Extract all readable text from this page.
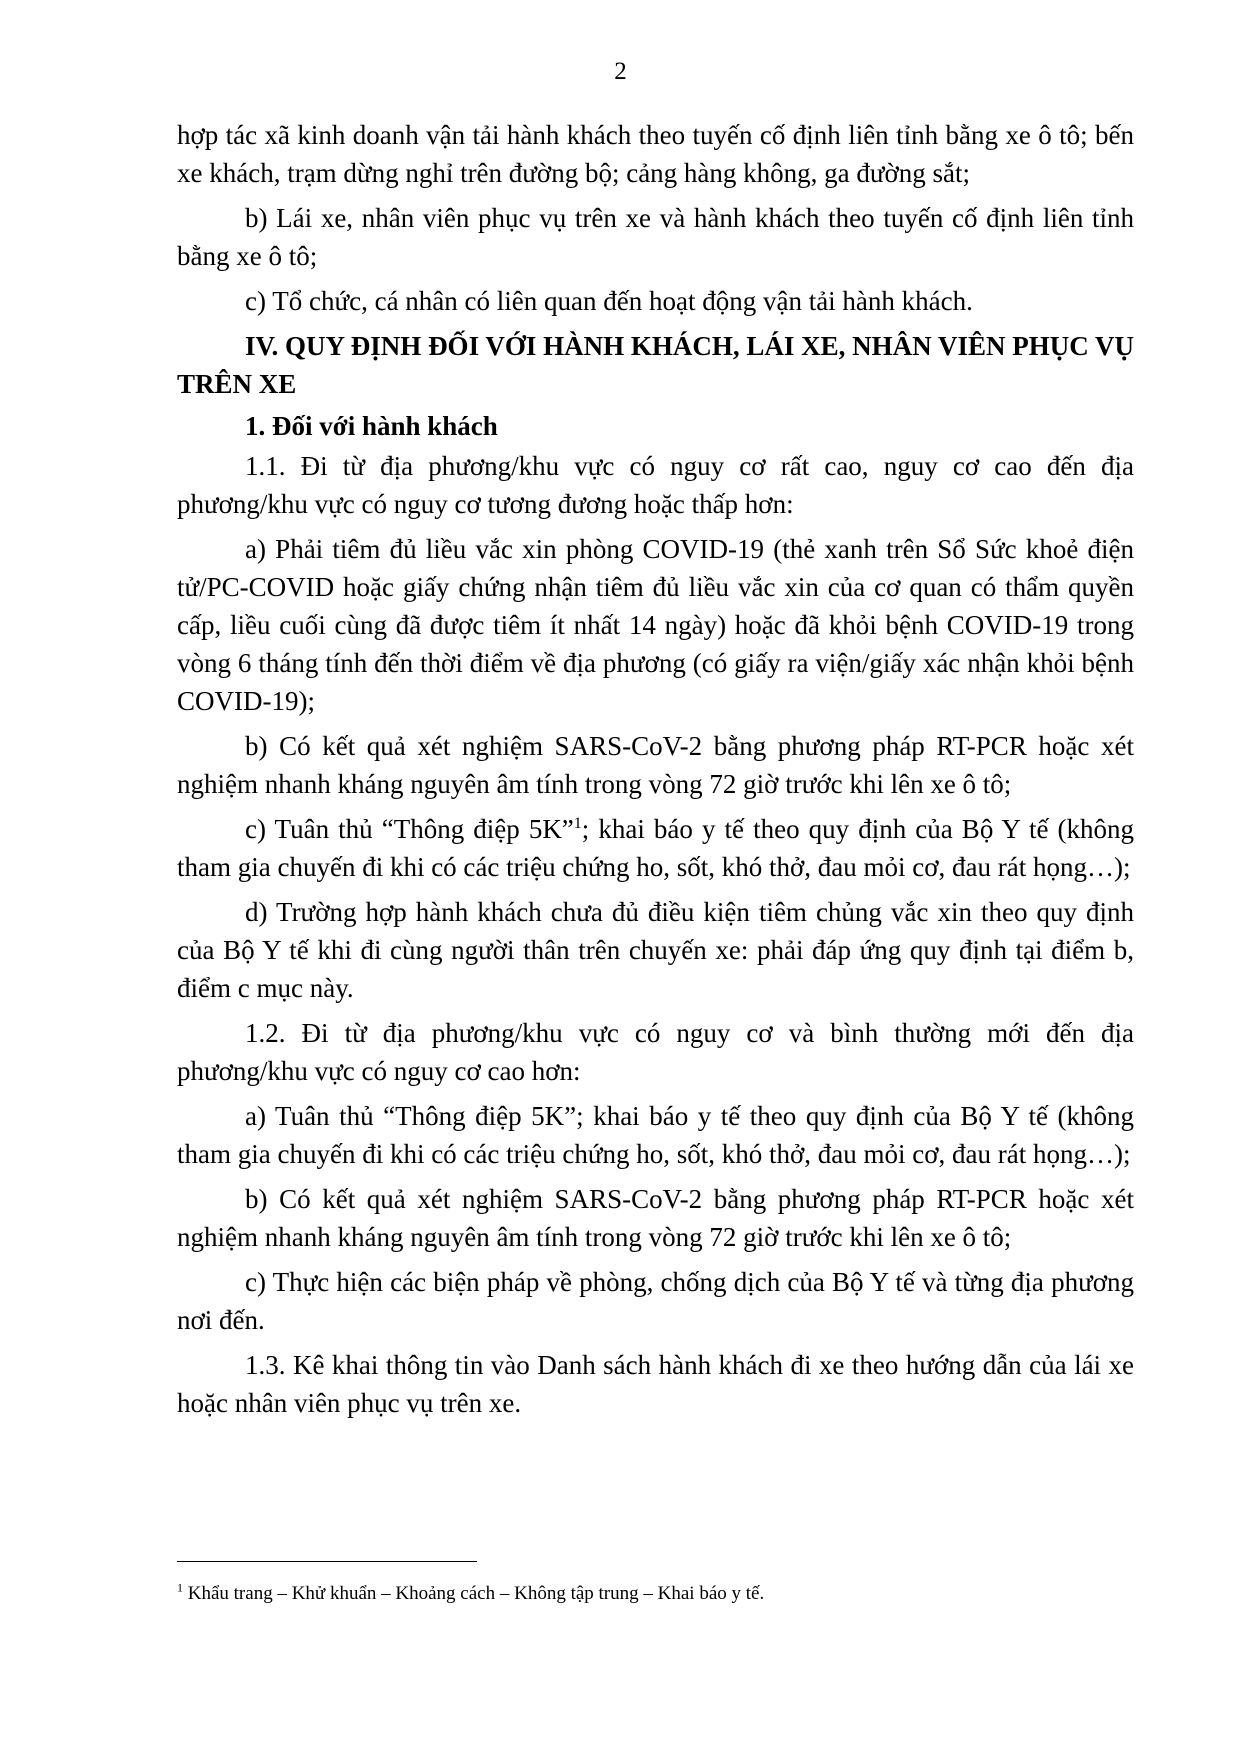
2

hợp tác xã kinh doanh vận tải hành khách theo tuyến cố định liên tỉnh bằng xe ô tô; bến xe khách, trạm dừng nghỉ trên đường bộ; cảng hàng không, ga đường sắt;

b) Lái xe, nhân viên phục vụ trên xe và hành khách theo tuyến cố định liên tỉnh bằng xe ô tô;

c) Tổ chức, cá nhân có liên quan đến hoạt động vận tải hành khách.

IV. QUY ĐỊNH ĐỐI VỚI HÀNH KHÁCH, LÁI XE, NHÂN VIÊN PHỤC VỤ TRÊN XE

1. Đối với hành khách

1.1. Đi từ địa phương/khu vực có nguy cơ rất cao, nguy cơ cao đến địa phương/khu vực có nguy cơ tương đương hoặc thấp hơn:

a) Phải tiêm đủ liều vắc xin phòng COVID-19 (thẻ xanh trên Sổ Sức khoẻ điện tử/PC-COVID hoặc giấy chứng nhận tiêm đủ liều vắc xin của cơ quan có thẩm quyền cấp, liều cuối cùng đã được tiêm ít nhất 14 ngày) hoặc đã khỏi bệnh COVID-19 trong vòng 6 tháng tính đến thời điểm về địa phương (có giấy ra viện/giấy xác nhận khỏi bệnh COVID-19);

b) Có kết quả xét nghiệm SARS-CoV-2 bằng phương pháp RT-PCR hoặc xét nghiệm nhanh kháng nguyên âm tính trong vòng 72 giờ trước khi lên xe ô tô;

c) Tuân thủ “Thông điệp 5K”$^1$; khai báo y tế theo quy định của Bộ Y tế (không tham gia chuyến đi khi có các triệu chứng ho, sốt, khó thở, đau mỏi cơ, đau rát họng…);

d) Trường hợp hành khách chưa đủ điều kiện tiêm chủng vắc xin theo quy định của Bộ Y tế khi đi cùng người thân trên chuyến xe: phải đáp ứng quy định tại điểm b, điểm c mục này.

1.2. Đi từ địa phương/khu vực có nguy cơ và bình thường mới đến địa phương/khu vực có nguy cơ cao hơn:

a) Tuân thủ “Thông điệp 5K”; khai báo y tế theo quy định của Bộ Y tế (không tham gia chuyến đi khi có các triệu chứng ho, sốt, khó thở, đau mỏi cơ, đau rát họng…);

b) Có kết quả xét nghiệm SARS-CoV-2 bằng phương pháp RT-PCR hoặc xét nghiệm nhanh kháng nguyên âm tính trong vòng 72 giờ trước khi lên xe ô tô;

c) Thực hiện các biện pháp về phòng, chống dịch của Bộ Y tế và từng địa phương nơi đến.

1.3. Kê khai thông tin vào Danh sách hành khách đi xe theo hướng dẫn của lái xe hoặc nhân viên phục vụ trên xe.

$^1$ Khẩu trang – Khử khuẩn – Khoảng cách – Không tập trung – Khai báo y tế.
